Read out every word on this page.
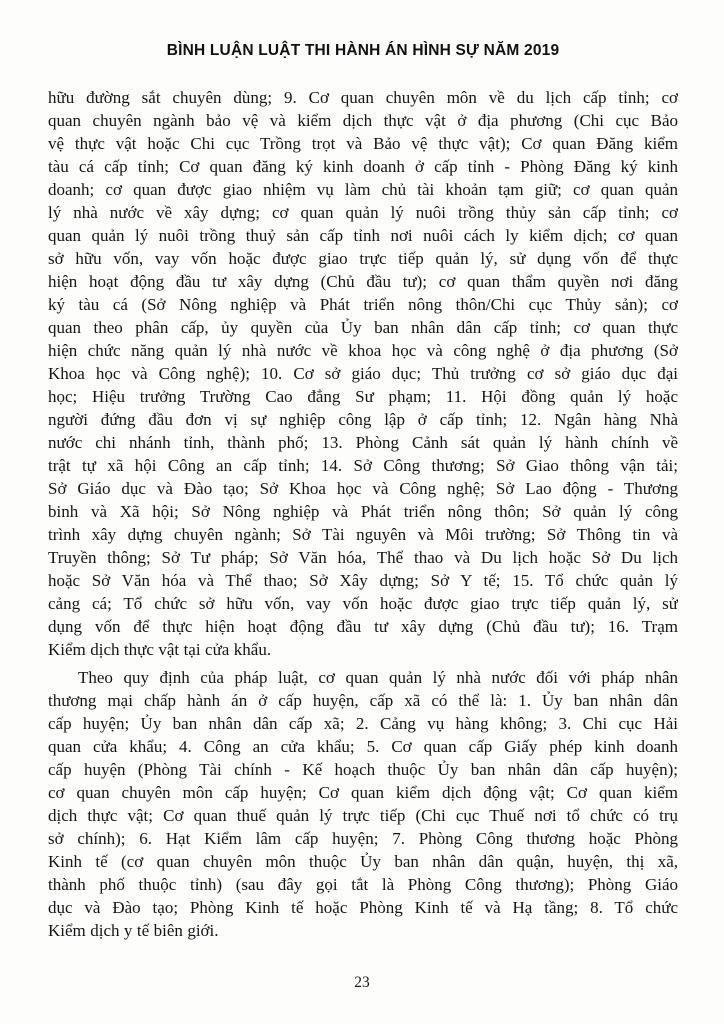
BÌNH LUẬN LUẬT THI HÀNH ÁN HÌNH SỰ NĂM 2019
hữu đường sắt chuyên dùng; 9. Cơ quan chuyên môn về du lịch cấp tỉnh; cơ
quan chuyên ngành bảo vệ và kiểm dịch thực vật ở địa phương (Chi cục Bảo
vệ thực vật hoặc Chi cục Trồng trọt và Bảo vệ thực vật); Cơ quan Đăng kiểm
tàu cá cấp tỉnh; Cơ quan đăng ký kinh doanh ở cấp tỉnh - Phòng Đăng ký kinh
doanh; cơ quan được giao nhiệm vụ làm chủ tài khoản tạm giữ; cơ quan quản
lý nhà nước về xây dựng; cơ quan quản lý nuôi trồng thủy sản cấp tỉnh; cơ
quan quản lý nuôi trồng thuỷ sản cấp tỉnh nơi nuôi cách ly kiểm dịch; cơ quan
sở hữu vốn, vay vốn hoặc được giao trực tiếp quản lý, sử dụng vốn để thực
hiện hoạt động đầu tư xây dựng (Chủ đầu tư); cơ quan thẩm quyền nơi đăng
ký tàu cá (Sở Nông nghiệp và Phát triển nông thôn/Chi cục Thủy sản); cơ
quan theo phân cấp, ủy quyền của Ủy ban nhân dân cấp tỉnh; cơ quan thực
hiện chức năng quản lý nhà nước về khoa học và công nghệ ở địa phương (Sở
Khoa học và Công nghệ); 10. Cơ sở giáo dục; Thủ trưởng cơ sở giáo dục đại
học; Hiệu trưởng Trường Cao đẳng Sư phạm; 11. Hội đồng quản lý hoặc
người đứng đầu đơn vị sự nghiệp công lập ở cấp tỉnh; 12. Ngân hàng Nhà
nước chi nhánh tỉnh, thành phố; 13. Phòng Cảnh sát quản lý hành chính về
trật tự xã hội Công an cấp tỉnh; 14. Sở Công thương; Sở Giao thông vận tải;
Sở Giáo dục và Đào tạo; Sở Khoa học và Công nghệ; Sở Lao động - Thương
binh và Xã hội; Sở Nông nghiệp và Phát triển nông thôn; Sở quản lý công
trình xây dựng chuyên ngành; Sở Tài nguyên và Môi trường; Sở Thông tin và
Truyền thông; Sở Tư pháp; Sở Văn hóa, Thể thao và Du lịch hoặc Sở Du lịch
hoặc Sở Văn hóa và Thể thao; Sở Xây dựng; Sở Y tế; 15. Tổ chức quản lý
cảng cá; Tổ chức sở hữu vốn, vay vốn hoặc được giao trực tiếp quản lý, sử
dụng vốn để thực hiện hoạt động đầu tư xây dựng (Chủ đầu tư); 16. Trạm
Kiểm dịch thực vật tại cửa khẩu.
Theo quy định của pháp luật, cơ quan quản lý nhà nước đối với pháp nhân
thương mại chấp hành án ở cấp huyện, cấp xã có thể là: 1. Ủy ban nhân dân
cấp huyện; Ủy ban nhân dân cấp xã; 2. Cảng vụ hàng không; 3. Chi cục Hải
quan cửa khẩu; 4. Công an cửa khẩu; 5. Cơ quan cấp Giấy phép kinh doanh
cấp huyện (Phòng Tài chính - Kế hoạch thuộc Ủy ban nhân dân cấp huyện);
cơ quan chuyên môn cấp huyện; Cơ quan kiểm dịch động vật; Cơ quan kiểm
dịch thực vật; Cơ quan thuế quản lý trực tiếp (Chi cục Thuế nơi tổ chức có trụ
sở chính); 6. Hạt Kiểm lâm cấp huyện; 7. Phòng Công thương hoặc Phòng
Kinh tế (cơ quan chuyên môn thuộc Ủy ban nhân dân quận, huyện, thị xã,
thành phố thuộc tỉnh) (sau đây gọi tắt là Phòng Công thương); Phòng Giáo
dục và Đào tạo; Phòng Kinh tế hoặc Phòng Kinh tế và Hạ tầng; 8. Tổ chức
Kiểm dịch y tế biên giới.
23
